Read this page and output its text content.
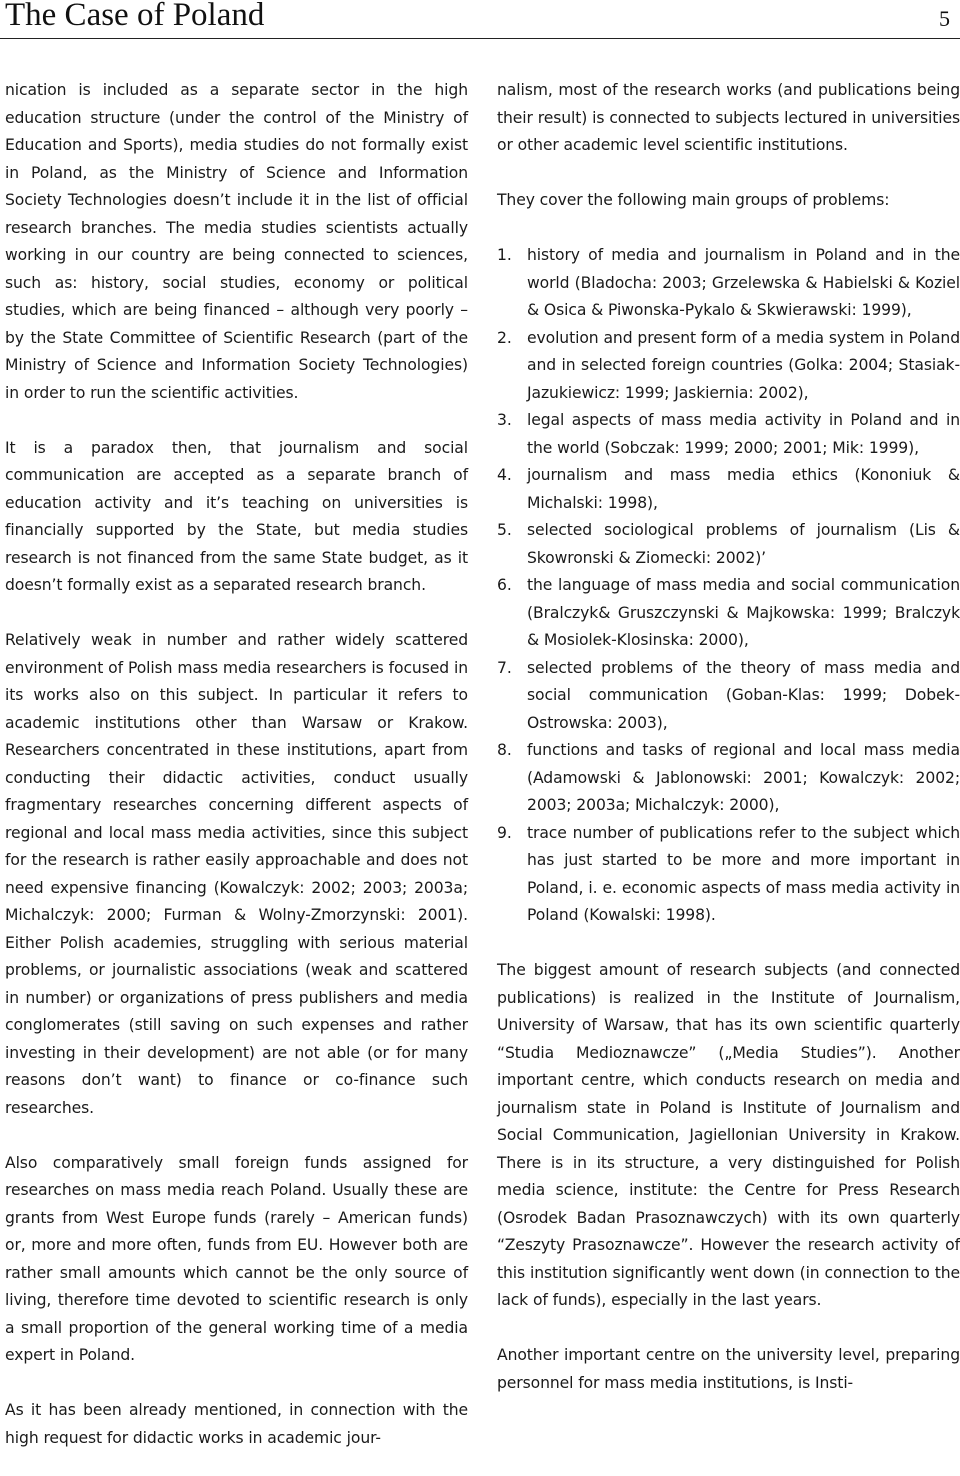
The Case of Poland	5

nication is included as a separate sector in the high education structure (under the control of the Ministry of Education and Sports), media studies do not formally exist in Poland, as the Ministry of Science and Information Society Technologies doesn’t include it in the list of official research branches. The media studies scientists actually working in our country are being connected to sciences, such as: history, social studies, economy or political studies, which are being financed – although very poorly – by the State Committee of Scientific Research (part of the Ministry of Science and Information Society Technologies) in order to run the scientific activities.

It is a paradox then, that journalism and social communication are accepted as a separate branch of education activity and it’s teaching on universities is financially supported by the State, but media studies research is not financed from the same State budget, as it doesn’t formally exist as a separated research branch.

Relatively weak in number and rather widely scattered environment of Polish mass media researchers is focused in its works also on this subject. In particular it refers to academic institutions other than Warsaw or Krakow. Researchers concentrated in these institutions, apart from conducting their didactic activities, conduct usually fragmentary researches concerning different aspects of regional and local mass media activities, since this subject for the research is rather easily approachable and does not need expensive financing (Kowalczyk: 2002; 2003; 2003a; Michalczyk: 2000; Furman & Wolny-Zmorzynski: 2001). Either Polish academies, struggling with serious material problems, or journalistic associations (weak and scattered in number) or organizations of press publishers and media conglomerates (still saving on such expenses and rather investing in their development) are not able (or for many reasons don’t want) to finance or co-finance such researches.

Also comparatively small foreign funds assigned for researches on mass media reach Poland. Usually these are grants from West Europe funds (rarely – American funds) or, more and more often, funds from EU. However both are rather small amounts which cannot be the only source of living, therefore time devoted to scientific research is only a small proportion of the general working time of a media expert in Poland.

As it has been already mentioned, in connection with the high request for didactic works in academic jour-

nalism, most of the research works (and publications being their result) is connected to subjects lectured in universities or other academic level scientific institutions.

They cover the following main groups of problems:

1. history of media and journalism in Poland and in the world (Bladocha: 2003; Grzelewska & Habielski & Koziel & Osica & Piwonska-Pykalo & Skwierawski: 1999),
2. evolution and present form of a media system in Poland and in selected foreign countries (Golka: 2004; Stasiak-Jazukiewicz: 1999; Jaskiernia: 2002),
3. legal aspects of mass media activity in Poland and in the world (Sobczak: 1999; 2000; 2001; Mik: 1999),
4. journalism and mass media ethics (Kononiuk & Michalski: 1998),
5. selected sociological problems of journalism (Lis & Skowronski & Ziomecki: 2002)’
6. the language of mass media and social communication (Bralczyk& Gruszczynski & Majkowska: 1999; Bralczyk & Mosiolek-Klosinska: 2000),
7. selected problems of the theory of mass media and social communication (Goban-Klas: 1999; Dobek-Ostrowska: 2003),
8. functions and tasks of regional and local mass media (Adamowski & Jablonowski: 2001; Kowalczyk: 2002; 2003; 2003a; Michalczyk: 2000),
9. trace number of publications refer to the subject which has just started to be more and more important in Poland, i. e. economic aspects of mass media activity in Poland (Kowalski: 1998).

The biggest amount of research subjects (and connected publications) is realized in the Institute of Journalism, University of Warsaw, that has its own scientific quarterly “Studia Medioznawcze” („Media Studies”). Another important centre, which conducts research on media and journalism state in Poland is Institute of Journalism and Social Communication, Jagiellonian University in Krakow. There is in its structure, a very distinguished for Polish media science, institute: the Centre for Press Research (Osrodek Badan Prasoznawczych) with its own quarterly “Zeszyty Prasoznawcze”. However the research activity of this institution significantly went down (in connection to the lack of funds), especially in the last years.

Another important centre on the university level, preparing personnel for mass media institutions, is Insti-
